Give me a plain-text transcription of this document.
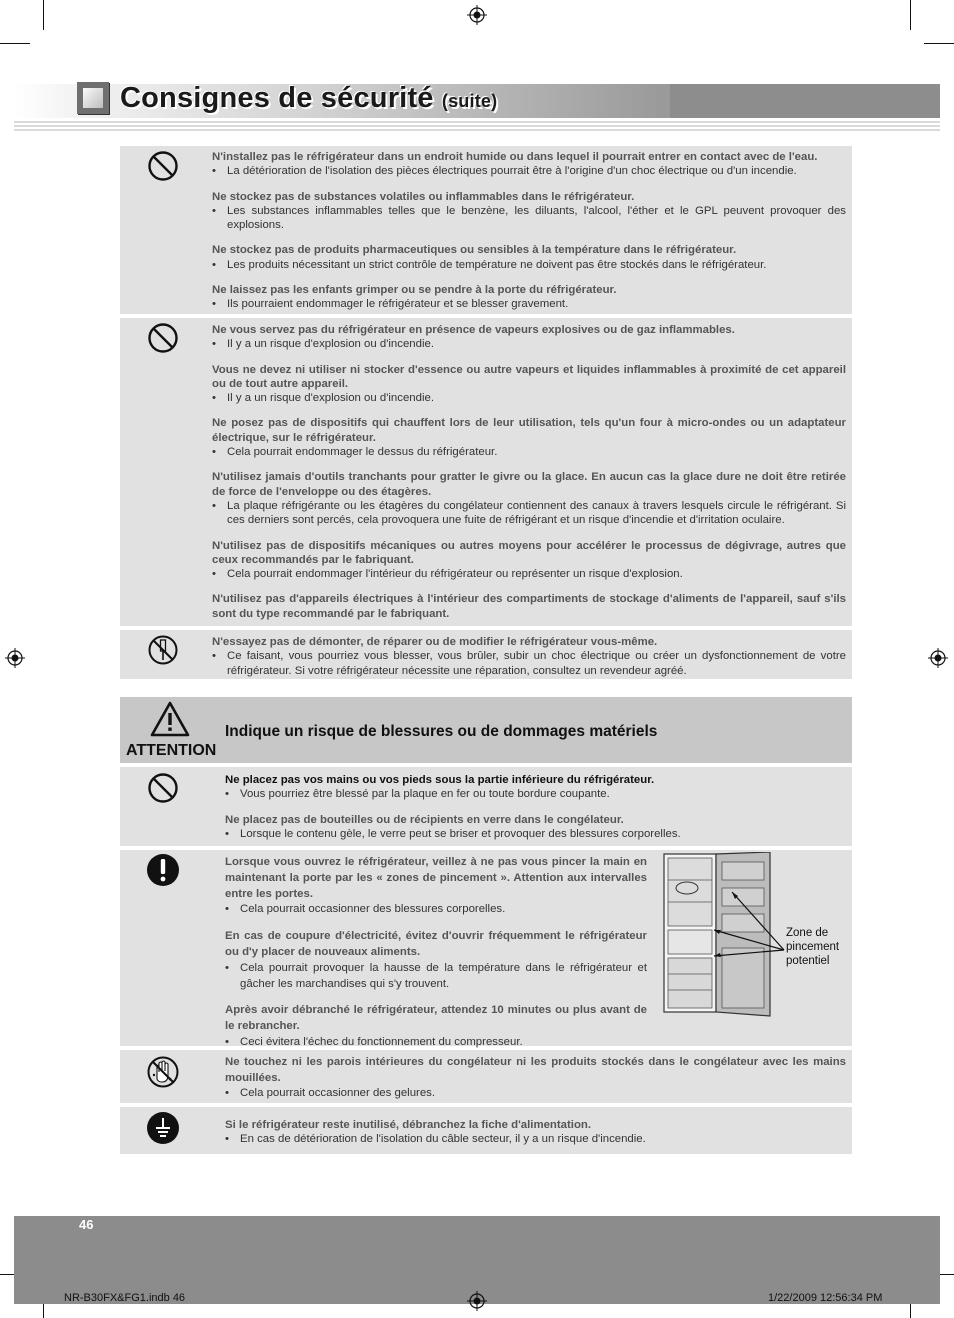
Consignes de sécurité (suite)
N'installez pas le réfrigérateur dans un endroit humide ou dans lequel il pourrait entrer en contact avec de l'eau.
• La détérioration de l'isolation des pièces électriques pourrait être à l'origine d'un choc électrique ou d'un incendie.
Ne stockez pas de substances volatiles ou inflammables dans le réfrigérateur.
• Les substances inflammables telles que le benzène, les diluants, l'alcool, l'éther et le GPL peuvent provoquer des explosions.
Ne stockez pas de produits pharmaceutiques ou sensibles à la température dans le réfrigérateur.
• Les produits nécessitant un strict contrôle de température ne doivent pas être stockés dans le réfrigérateur.
Ne laissez pas les enfants grimper ou se pendre à la porte du réfrigérateur.
• Ils pourraient endommager le réfrigérateur et se blesser gravement.
Ne vous servez pas du réfrigérateur en présence de vapeurs explosives ou de gaz inflammables.
• Il y a un risque d'explosion ou d'incendie.
Vous ne devez ni utiliser ni stocker d'essence ou autre vapeurs et liquides inflammables à proximité de cet appareil ou de tout autre appareil.
• Il y a un risque d'explosion ou d'incendie.
Ne posez pas de dispositifs qui chauffent lors de leur utilisation, tels qu'un four à micro-ondes ou un adaptateur électrique, sur le réfrigérateur.
• Cela pourrait endommager le dessus du réfrigérateur.
N'utilisez jamais d'outils tranchants pour gratter le givre ou la glace. En aucun cas la glace dure ne doit être retirée de force de l'enveloppe ou des étagères.
• La plaque réfrigérante ou les étagères du congélateur contiennent des canaux à travers lesquels circule le réfrigérant. Si ces derniers sont percés, cela provoquera une fuite de réfrigérant et un risque d'incendie et d'irritation oculaire.
N'utilisez pas de dispositifs mécaniques ou autres moyens pour accélérer le processus de dégivrage, autres que ceux recommandés par le fabriquant.
• Cela pourrait endommager l'intérieur du réfrigérateur ou représenter un risque d'explosion.
N'utilisez pas d'appareils électriques à l'intérieur des compartiments de stockage d'aliments de l'appareil, sauf s'ils sont du type recommandé par le fabriquant.
N'essayez pas de démonter, de réparer ou de modifier le réfrigérateur vous-même.
• Ce faisant, vous pourriez vous blesser, vous brûler, subir un choc électrique ou créer un dysfonctionnement de votre réfrigérateur. Si votre réfrigérateur nécessite une réparation, consultez un revendeur agréé.
ATTENTION
Indique un risque de blessures ou de dommages matériels
Ne placez pas vos mains ou vos pieds sous la partie inférieure du réfrigérateur.
• Vous pourriez être blessé par la plaque en fer ou toute bordure coupante.
Ne placez pas de bouteilles ou de récipients en verre dans le congélateur.
• Lorsque le contenu gèle, le verre peut se briser et provoquer des blessures corporelles.
Lorsque vous ouvrez le réfrigérateur, veillez à ne pas vous pincer la main en maintenant la porte par les « zones de pincement ». Attention aux intervalles entre les portes.
• Cela pourrait occasionner des blessures corporelles.
En cas de coupure d'électricité, évitez d'ouvrir fréquemment le réfrigérateur ou d'y placer de nouveaux aliments.
• Cela pourrait provoquer la hausse de la température dans le réfrigérateur et gâcher les marchandises qui s'y trouvent.
Après avoir débranché le réfrigérateur, attendez 10 minutes ou plus avant de le rebrancher.
• Ceci évitera l'échec du fonctionnement du compresseur.
Zone de pincement potentiel
Ne touchez ni les parois intérieures du congélateur ni les produits stockés dans le congélateur avec les mains mouillées.
• Cela pourrait occasionner des gelures.
Si le réfrigérateur reste inutilisé, débranchez la fiche d'alimentation.
• En cas de détérioration de l'isolation du câble secteur, il y a un risque d'incendie.
46
NR-B30FX&FG1.indb 46	1/22/2009 12:56:34 PM
